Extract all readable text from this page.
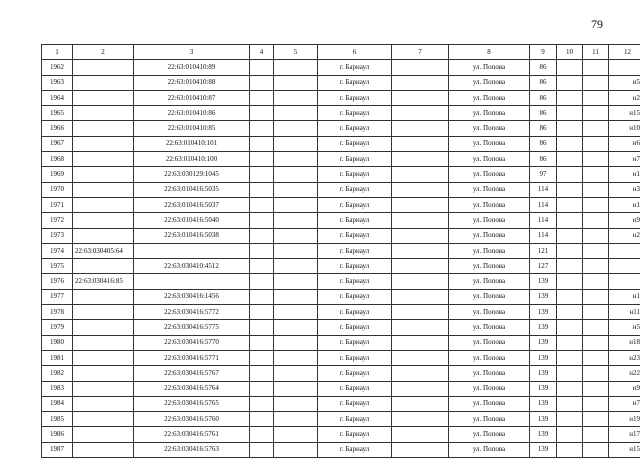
79
1	2	3	4	5	6	7	8	9	10	11	12
1962		22:63:010410:89			г. Барнаул		ул. Попова	86			
1963		22:63:010410:88			г. Барнаул		ул. Попова	86			н5
1964		22:63:010410:87			г. Барнаул		ул. Попова	86			н2
1965		22:63:010410:86			г. Барнаул		ул. Попова	86			н15
1966		22:63:010410:85			г. Барнаул		ул. Попова	86			н10
1967		22:63:010410:101			г. Барнаул		ул. Попова	86			н6
1968		22:63:010410:100			г. Барнаул		ул. Попова	86			н7
1969		22:63:030129:1045			г. Барнаул		ул. Попова	97			н1
1970		22:63:010416:5035			г. Барнаул		ул. Попова	114			н3
1971		22:63:010416:5037			г. Барнаул		ул. Попова	114			н1
1972		22:63:010416:5040			г. Барнаул		ул. Попова	114			н9
1973		22:63:010416:5038			г. Барнаул		ул. Попова	114			н2
1974	22:63:030405:64				г. Барнаул		ул. Попова	121			
1975		22:63:030410:4512			г. Барнаул		ул. Попова	127			
1976	22:63:030416:85				г. Барнаул		ул. Попова	139			
1977		22:63:030416:1456			г. Барнаул		ул. Попова	139			н1
1978		22:63:030416:5772			г. Барнаул		ул. Попова	139			н11
1979		22:63:030416:5775			г. Барнаул		ул. Попова	139			н5
1980		22:63:030416:5770			г. Барнаул		ул. Попова	139			н18
1981		22:63:030416:5771			г. Барнаул		ул. Попова	139			н23
1982		22:63:030416:5767			г. Барнаул		ул. Попова	139			н22
1983		22:63:030416:5764			г. Барнаул		ул. Попова	139			н9
1984		22:63:030416:5765			г. Барнаул		ул. Попова	139			н7
1985		22:63:030416:5760			г. Барнаул		ул. Попова	139			н19
1986		22:63:030416:5761			г. Барнаул		ул. Попова	139			н17
1987		22:63:030416:5763			г. Барнаул		ул. Попова	139			н15
